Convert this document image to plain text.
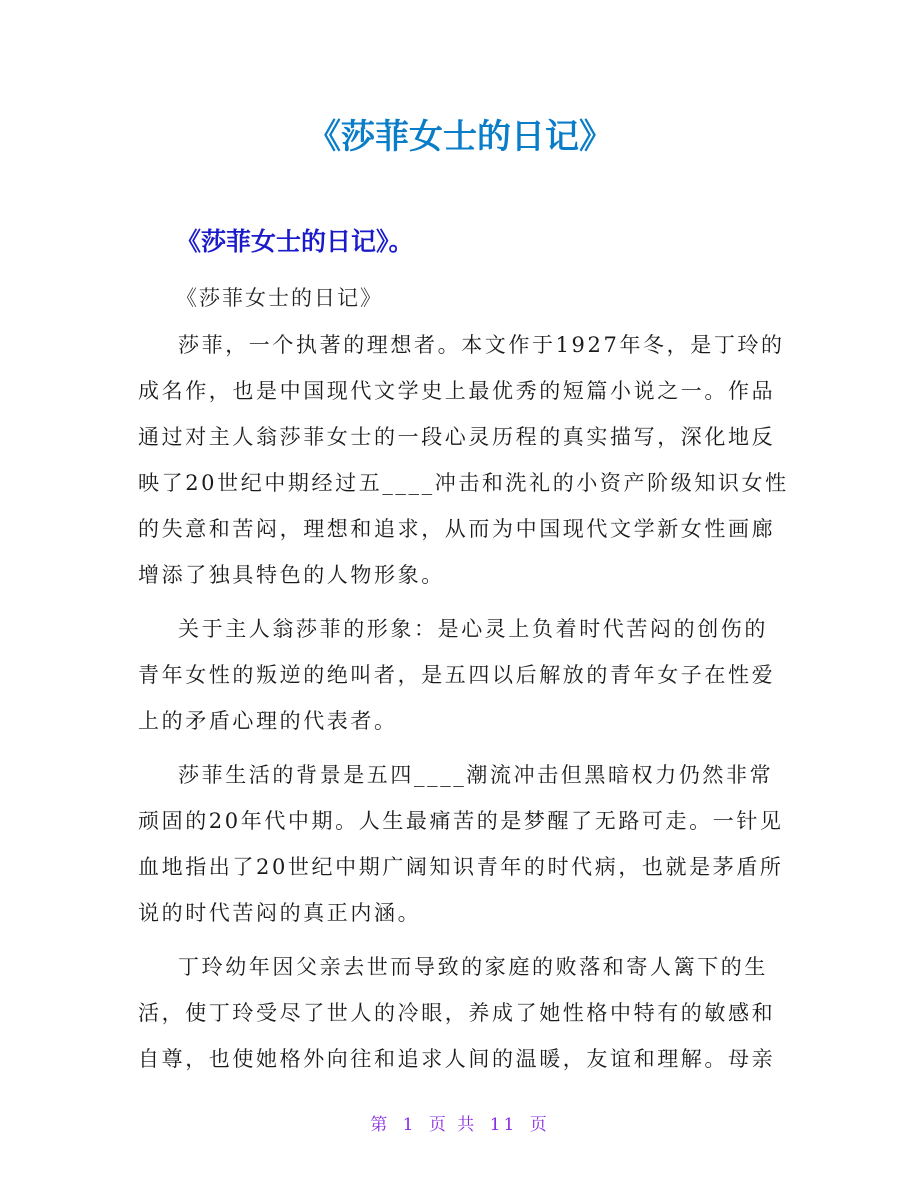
《莎菲女士的日记》
《莎菲女士的日记》。
《莎菲女士的日记》
莎菲，一个执著的理想者。本文作于1927年冬，是丁玲的
成名作，也是中国现代文学史上最优秀的短篇小说之一。作品
通过对主人翁莎菲女士的一段心灵历程的真实描写，深化地反
映了20世纪中期经过五____冲击和洗礼的小资产阶级知识女性
的失意和苦闷，理想和追求，从而为中国现代文学新女性画廊
增添了独具特色的人物形象。
关于主人翁莎菲的形象：是心灵上负着时代苦闷的创伤的
青年女性的叛逆的绝叫者，是五四以后解放的青年女子在性爱
上的矛盾心理的代表者。
莎菲生活的背景是五四____潮流冲击但黑暗权力仍然非常
顽固的20年代中期。人生最痛苦的是梦醒了无路可走。一针见
血地指出了20世纪中期广阔知识青年的时代病，也就是茅盾所
说的时代苦闷的真正内涵。
丁玲幼年因父亲去世而导致的家庭的败落和寄人篱下的生
活，使丁玲受尽了世人的冷眼，养成了她性格中特有的敏感和
自尊，也使她格外向往和追求人间的温暖，友谊和理解。母亲
第 1 页 共 11 页
